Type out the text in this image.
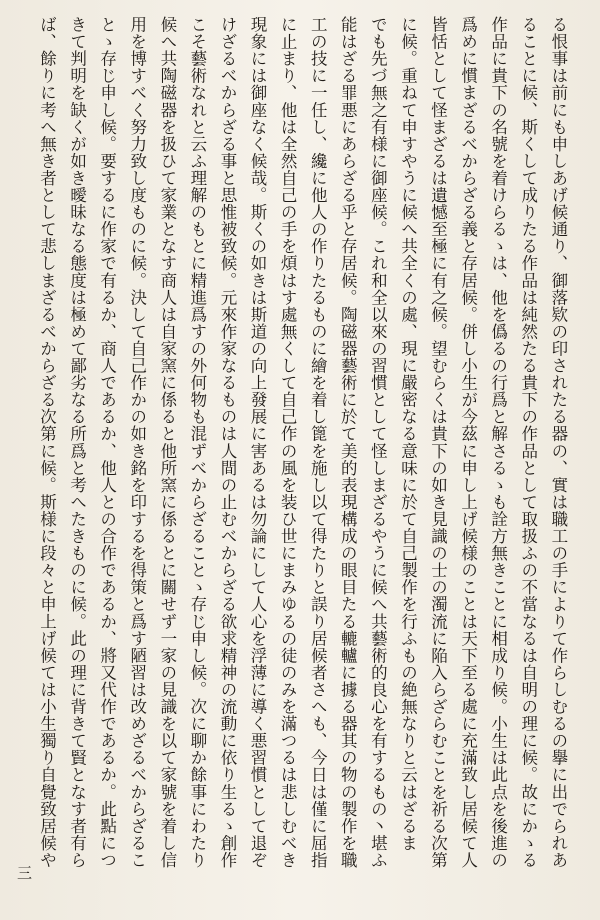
る恨事は前にも申しあげ候通り、御落欵の印されたる器の、實は職工の手によりて作らしむるの擧に出でられあ
ることに候、斯くして成りたる作品は純然たる貴下の作品として取扱ふの不當なるは自明の理に候。故にかゝる
作品に貴下の名號を着けらるゝは、他を僞るの行爲と解さるゝも詮方無きことに相成り候。小生は此点を後進の
爲めに慣まざるべからざる義と存居候。併し小生が今茲に申し上げ候様のことは天下至る處に充滿致し居候て人
皆恬として怪まざるは遺憾至極に有之候。望むらくは貴下の如き見識の士の濁流に陥入らざらむことを祈る次第
に候。重ねて申すやうに候へ共全くの處、現に嚴密なる意味に於て自己製作を行ふもの絶無なりと云はざるま
でも先づ無之有様に御座候。これ和全以來の習慣として怪しまざるやうに候へ共藝術的良心を有するもの丶堪ふ
能はざる罪悪にあらざる乎と存居候。陶磁器藝術に於て美的表現構成の眼目たる轆轤に據る器其の物の製作を職
工の技に一任し、纔に他人の作りたるものに繪を着し篦を施し以て得たりと誤り居候者さへも、今日は僅に屈指
に止まり、他は全然自己の手を煩はす處無くして自己作の風を装ひ世にまみゆるの徒のみを滿つるは悲しむべき
現象には御座なく候哉。斯くの如きは斯道の向上發展に害あるは勿論にして人心を浮薄に導く悪習慣として退ぞ
けざるべからざる事と思惟被致候。元來作家なるものは人間の止むべからざる欲求精神の流動に依り生るゝ創作
こそ藝術なれと云ふ理解のもとに精進爲すの外何物も混ずべからざることゝ存じ申し候。次に聊か餘事にわたり
候へ共陶磁器を扱ひて家業となす商人は自家窯に係ると他所窯に係るとに關せず一家の見識を以て家號を着し信
用を博すべく努力致し度ものに候。決して自己作かの如き銘を印するを得策と爲す陋習は改めざるべからざるこ
とゝ存じ申し候。要するに作家で有るか、商人であるか、他人との合作であるか、將又代作であるか。此點につ
きて判明を缺くが如き曖昧なる態度は極めて鄙劣なる所爲と考へたきものに候。此の理に背きて賢となす者有ら
ば、餘りに考へ無き者として悲しまざるべからざる次第に候。斯様に段々と申上げ候ては小生獨り自覺致居候や
三
